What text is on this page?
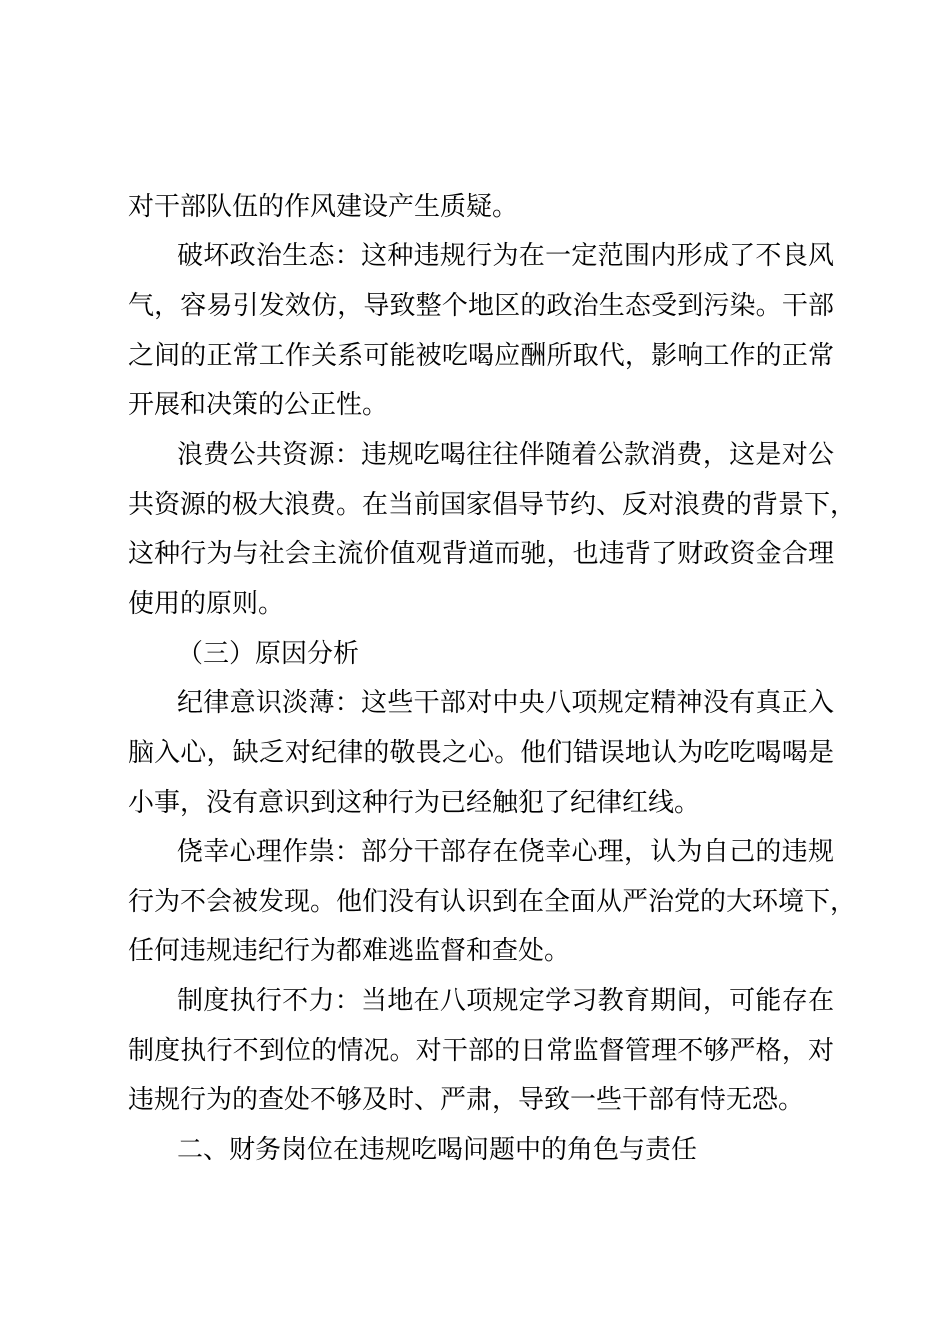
对干部队伍的作风建设产生质疑。
破坏政治生态：这种违规行为在一定范围内形成了不良风
气，容易引发效仿，导致整个地区的政治生态受到污染。干部
之间的正常工作关系可能被吃喝应酬所取代，影响工作的正常
开展和决策的公正性。
浪费公共资源：违规吃喝往往伴随着公款消费，这是对公
共资源的极大浪费。在当前国家倡导节约、反对浪费的背景下，
这种行为与社会主流价值观背道而驰，也违背了财政资金合理
使用的原则。
（三）原因分析
纪律意识淡薄：这些干部对中央八项规定精神没有真正入
脑入心，缺乏对纪律的敬畏之心。他们错误地认为吃吃喝喝是
小事，没有意识到这种行为已经触犯了纪律红线。
侥幸心理作祟：部分干部存在侥幸心理，认为自己的违规
行为不会被发现。他们没有认识到在全面从严治党的大环境下，
任何违规违纪行为都难逃监督和查处。
制度执行不力：当地在八项规定学习教育期间，可能存在
制度执行不到位的情况。对干部的日常监督管理不够严格，对
违规行为的查处不够及时、严肃，导致一些干部有恃无恐。
二、财务岗位在违规吃喝问题中的角色与责任
